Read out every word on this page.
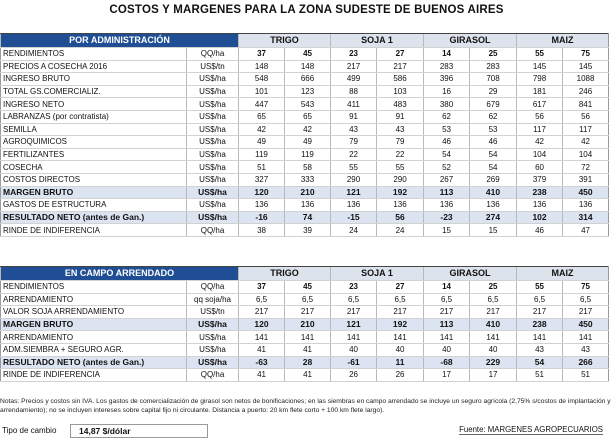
COSTOS Y MARGENES PARA LA ZONA SUDESTE DE BUENOS AIRES
POR ADMINISTRACIÓN		TRIGO		SOJA 1		GIRASOL		MAIZ	
RENDIMIENTOS	QQ/ha	37	45	23	27	14	25	55	75
PRECIOS A COSECHA 2016	US$/tn	148	148	217	217	283	283	145	145
INGRESO BRUTO	US$/ha	548	666	499	586	396	708	798	1088
TOTAL GS.COMERCIALIZ.	US$/ha	101	123	88	103	16	29	181	246
INGRESO NETO	US$/ha	447	543	411	483	380	679	617	841
LABRANZAS (por contratista)	US$/ha	65	65	91	91	62	62	56	56
SEMILLA	US$/ha	42	42	43	43	53	53	117	117
AGROQUIMICOS	US$/ha	49	49	79	79	46	46	42	42
FERTILIZANTES	US$/ha	119	119	22	22	54	54	104	104
COSECHA	US$/ha	51	58	55	55	52	54	60	72
COSTOS DIRECTOS	US$/ha	327	333	290	290	267	269	379	391
MARGEN BRUTO	US$/ha	120	210	121	192	113	410	238	450
GASTOS DE ESTRUCTURA	US$/ha	136	136	136	136	136	136	136	136
RESULTADO NETO (antes de Gan.)	US$/ha	-16	74	-15	56	-23	274	102	314
RINDE DE INDIFERENCIA	QQ/ha	38	39	24	24	15	15	46	47
EN CAMPO ARRENDADO		TRIGO		SOJA 1		GIRASOL		MAIZ	
RENDIMIENTOS	QQ/ha	37	45	23	27	14	25	55	75
ARRENDAMIENTO	qq soja/ha	6,5	6,5	6,5	6,5	6,5	6,5	6,5	6,5
VALOR SOJA ARRENDAMIENTO	US$/tn	217	217	217	217	217	217	217	217
MARGEN BRUTO	US$/ha	120	210	121	192	113	410	238	450
ARRENDAMIENTO	US$/ha	141	141	141	141	141	141	141	141
ADM.SIEMBRA + SEGURO AGR.	US$/ha	41	41	40	40	40	40	43	43
RESULTADO NETO (antes de Gan.)	US$/ha	-63	28	-61	11	-68	229	54	266
RINDE DE INDIFERENCIA	QQ/ha	41	41	26	26	17	17	51	51
Notas: Precios y costos sin IVA. Los gastos de comercialización de girasol son netos de bonificaciones; en las siembras en campo arrendado se incluye un seguro agrícola (2,75% s/costos de implantación y arrendamiento); no se incluyen intereses sobre capital fijo ni circulante. Distancia a puerto: 20 km flete corto + 100 km flete largo).
Tipo de cambio	14,87 $/dólar	Fuente: MARGENES AGROPECUARIOS
